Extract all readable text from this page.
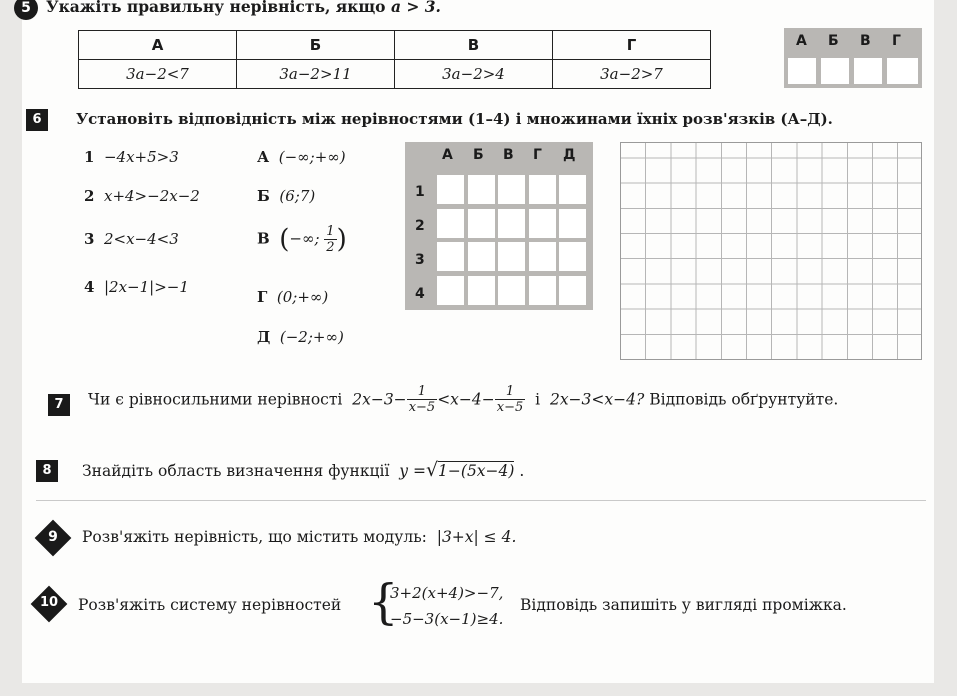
5 Укажіть правильну нерівність, якщо a > 3.
А	Б	В	Г
3a−2<7	3a−2>11	3a−2>4	3a−2>7
А Б В Г
6	Установіть відповідність між нерівностями (1–4) і множинами їхніх розв'язків (А–Д).
1 −4x+5>3
2 x+4>−2x−2
3 2<x−4<3
4 |2x−1|>−1
А (−∞;+∞)
Б (6;7)
В (−∞; $\frac{1}{2}$ )
Г (0;+∞)
Д (−2;+∞)
А Б В Г Д
1
2
3
4
7	Чи є рівносильними нерівності $2x-3- \frac{1}{x-5} <x-4- \frac{1}{x-5}$ і 2x−3<x−4? Відповідь обґрунтуйте.
8	Знайдіть область визначення функції y =√1−(5x−4) .
9	Розв'яжіть нерівність, що містить модуль: |3+x| ≤ 4.
10	Розв'яжіть систему нерівностей {
3+2(x+4)>−7,
−5−3(x−1)≥4.
Відповідь запишіть у вигляді проміжка.
